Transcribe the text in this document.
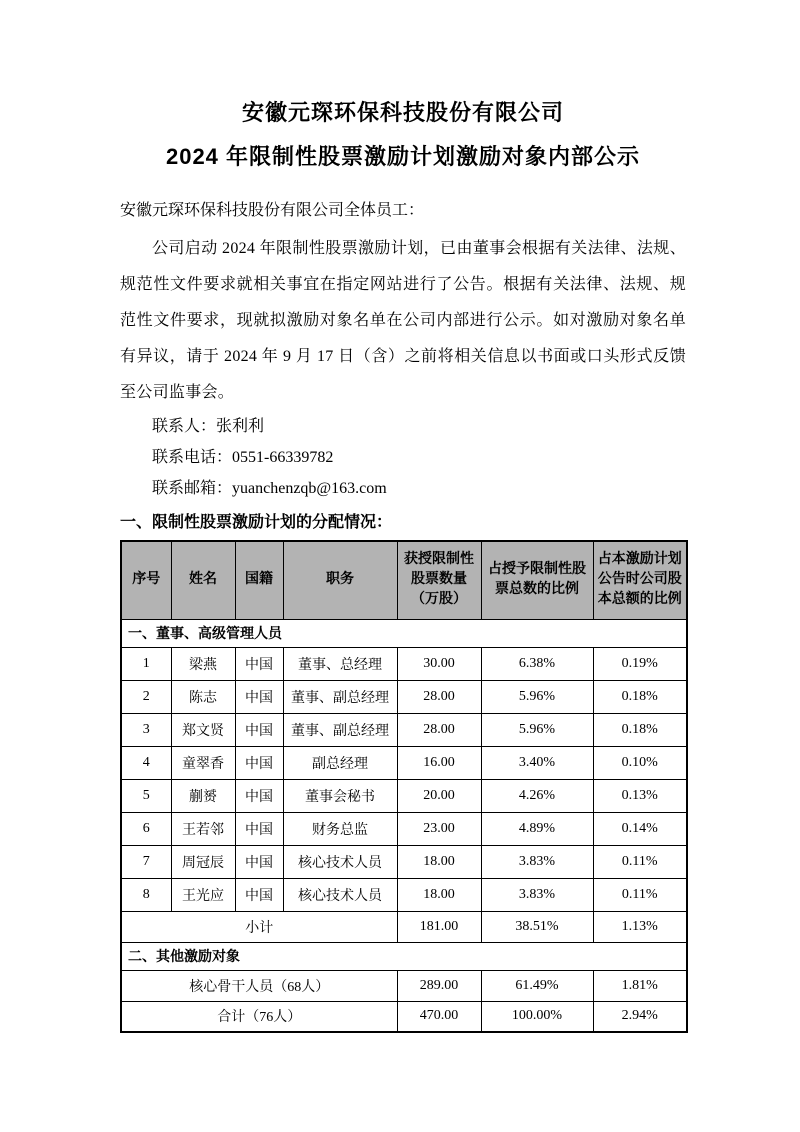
安徽元琛环保科技股份有限公司
2024 年限制性股票激励计划激励对象内部公示

安徽元琛环保科技股份有限公司全体员工：

公司启动 2024 年限制性股票激励计划，已由董事会根据有关法律、法规、规范性文件要求就相关事宜在指定网站进行了公告。根据有关法律、法规、规范性文件要求，现就拟激励对象名单在公司内部进行公示。如对激励对象名单有异议，请于 2024 年 9 月 17 日（含）之前将相关信息以书面或口头形式反馈至公司监事会。

联系人：张利利

联系电话：0551-66339782

联系邮箱：yuanchenzqb@163.com

一、限制性股票激励计划的分配情况：

序号	姓名	国籍	职务	获授限制性股票数量（万股）	占授予限制性股票总数的比例	占本激励计划公告时公司股本总额的比例
一、董事、高级管理人员						
1	梁燕	中国	董事、总经理	30.00	6.38%	0.19%
2	陈志	中国	董事、副总经理	28.00	5.96%	0.18%
3	郑文贤	中国	董事、副总经理	28.00	5.96%	0.18%
4	童翠香	中国	副总经理	16.00	3.40%	0.10%
5	蒯赟	中国	董事会秘书	20.00	4.26%	0.13%
6	王若邻	中国	财务总监	23.00	4.89%	0.14%
7	周冠辰	中国	核心技术人员	18.00	3.83%	0.11%
8	王光应	中国	核心技术人员	18.00	3.83%	0.11%
小计				181.00	38.51%	1.13%
二、其他激励对象						
核心骨干人员（68人）				289.00	61.49%	1.81%
合计（76人）				470.00	100.00%	2.94%
